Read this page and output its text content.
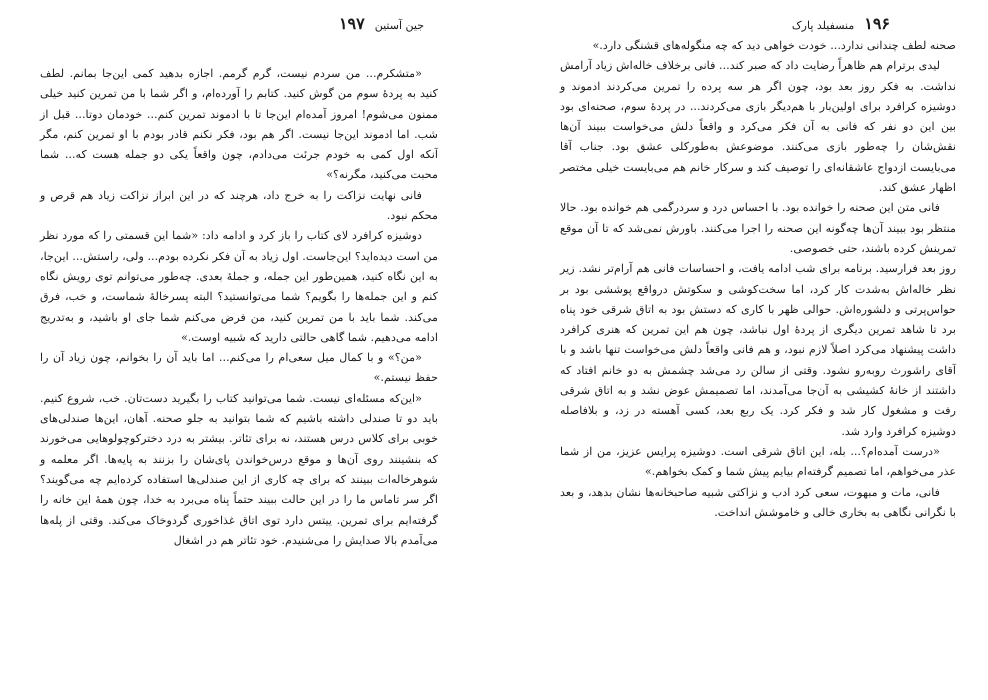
۱۹۷ جین آستین

«متشکرم... من سردم نیست، گرم گرمم. اجازه بدهید کمی این‌جا بمانم. لطف کنید به پردهٔ سوم من گوش کنید. کتابم را آورده‌ام، و اگر شما با من تمرین کنید خیلی ممنون می‌شوم! امروز آمده‌ام این‌جا تا با ادموند تمرین کنم... خودمان دوتا... قبل از شب. اما ادموند این‌جا نیست. اگر هم بود، فکر نکنم قادر بودم با او تمرین کنم، مگر آنکه اول کمی به خودم جرئت می‌دادم، چون واقعاً یکی دو جمله هست که... شما محبت می‌کنید، مگرنه؟»

فانی نهایت نزاکت را به خرج داد، هرچند که در این ابراز نزاکت زیاد هم قرص و محکم نبود.

دوشیزه کرافرد لای کتاب را باز کرد و ادامه داد: «شما این قسمتی را که مورد نظر من است دیده‌اید؟ این‌جاست. اول زیاد به آن فکر نکرده بودم... ولی، راستش... این‌جا، به این نگاه کنید، همین‌طور این جمله، و جملهٔ بعدی. چه‌طور می‌توانم توی رویش نگاه کنم و این جمله‌ها را بگویم؟ شما می‌توانستید؟ البته پسرخالهٔ شماست، و خب، فرق می‌کند. شما باید با من تمرین کنید، من فرض می‌کنم شما جای او باشید، و به‌تدریج ادامه می‌دهیم. شما گاهی حالتی دارید که شبیه اوست.»

«من؟» و با کمال میل سعی‌ام را می‌کنم... اما باید آن را بخوانم، چون زیاد آن را حفظ نیستم.»

«این‌که مسئله‌ای نیست. شما می‌توانید کتاب را بگیرید دست‌تان. خب، شروع کنیم. باید دو تا صندلی داشته باشیم که شما بتوانید به جلو صحنه. آهان، این‌ها صندلی‌های خوبی برای کلاس درس هستند، نه برای تئاتر. بیشتر به درد دخترکوچولوهایی می‌خورند که بنشینند روی آن‌ها و موقع درس‌خواندن پای‌شان را بزنند به پایه‌ها. اگر معلمه و شوهرخاله‌ات ببینند که برای چه کاری از این صندلی‌ها استفاده کرده‌ایم چه می‌گویند؟ اگر سر تاماس ما را در این حالت ببیند حتماً پناه می‌برد به خدا، چون همهٔ این خانه را گرفته‌ایم برای تمرین. ییتس دارد توی اتاق غذاخوری گردوخاک می‌کند. وقتی از پله‌ها می‌آمدم بالا صدایش را می‌شنیدم. خود تئاتر هم در اشغال

۱۹۶
منسفیلد پارک

صحنه لطف چندانی ندارد... خودت خواهی دید که چه منگوله‌های قشنگی دارد.»

لیدی برترام هم ظاهراً رضایت داد که صبر کند... فانی برخلاف خاله‌اش زیاد آرامش نداشت. به فکر روز بعد بود، چون اگر هر سه پرده را تمرین می‌کردند ادموند و دوشیزه کرافرد برای اولین‌بار با هم‌دیگر بازی می‌کردند... در پردهٔ سوم، صحنه‌ای بود بین این دو نفر که فانی به آن فکر می‌کرد و واقعاً دلش می‌خواست ببیند آن‌ها نقش‌شان را چه‌طور بازی می‌کنند. موضوعش به‌طورکلی عشق بود. جناب آقا می‌بایست ازدواج عاشقانه‌ای را توصیف کند و سرکار خانم هم می‌بایست خیلی مختصر اظهار عشق کند.

فانی متن این صحنه را خوانده بود. با احساس درد و سردرگمی هم خوانده بود. حالا منتظر بود ببیند آن‌ها چه‌گونه این صحنه را اجرا می‌کنند. باورش نمی‌شد که تا آن موقع تمرینش کرده باشند، حتی خصوصی.

روز بعد فرارسید. برنامه برای شب ادامه یافت، و احساسات فانی هم آرام‌تر نشد. زیر نظر خاله‌اش به‌شدت کار کرد، اما سخت‌کوشی و سکوتش درواقع پوششی بود بر حواس‌پرتی و دلشوره‌اش. حوالی ظهر با کاری که دستش بود به اتاق شرقی خود پناه برد تا شاهد تمرین دیگری از پردهٔ اول نباشد، چون هم این تمرین که هنری کرافرد داشت پیشنهاد می‌کرد اصلاً لازم نبود، و هم فانی واقعاً دلش می‌خواست تنها باشد و با آقای راشورث روبه‌رو نشود. وقتی از سالن رد می‌شد چشمش به دو خانم افتاد که داشتند از خانهٔ کشیشی به آن‌جا می‌آمدند، اما تصمیمش عوض نشد و به اتاق شرقی رفت و مشغول کار شد و فکر کرد. یک ربع بعد، کسی آهسته در زد، و بلافاصله دوشیزه کرافرد وارد شد.

«درست آمده‌ام؟... بله، این اتاق شرقی است. دوشیزه پرایس عزیز، من از شما عذر می‌خواهم، اما تصمیم گرفته‌ام بیایم پیش شما و کمک بخواهم.»

فانی، مات و مبهوت، سعی کرد ادب و نزاکتی شبیه صاحبخانه‌ها نشان بدهد، و بعد با نگرانی نگاهی به بخاری خالی و خاموشش انداخت.
